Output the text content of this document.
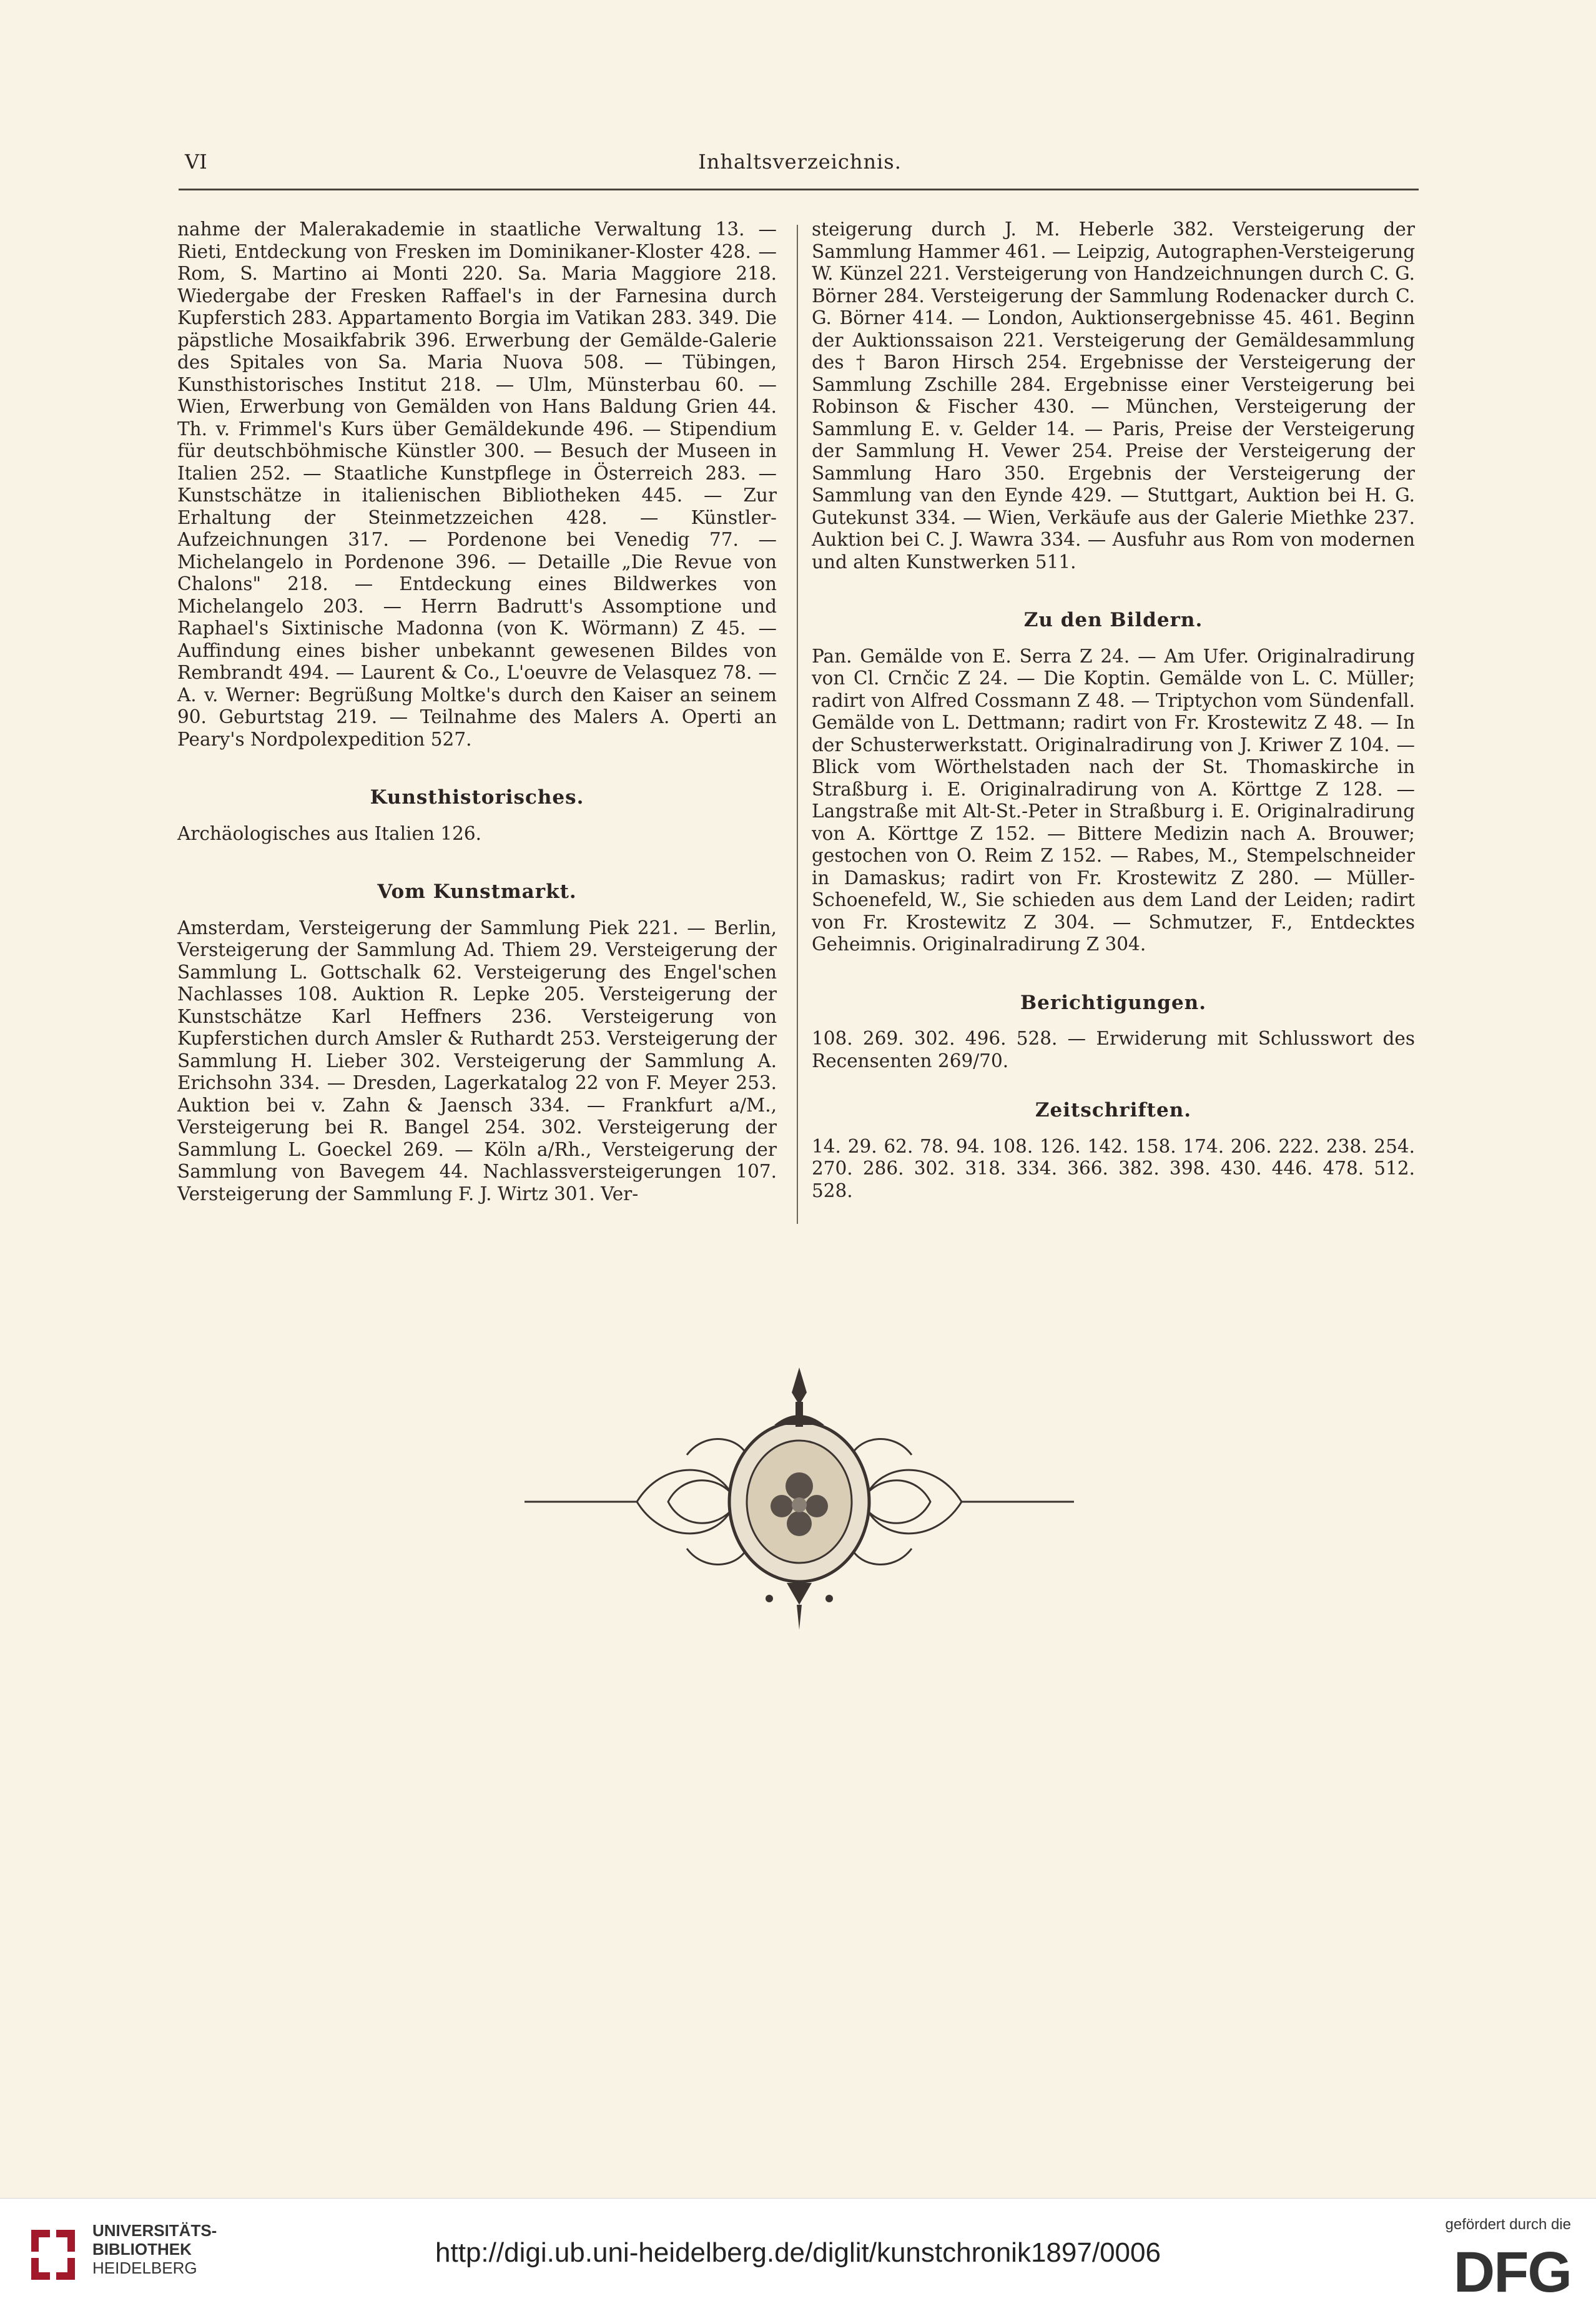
VI	Inhaltsverzeichnis.

nahme der Malerakademie in staatliche Verwaltung 13. — Rieti, Entdeckung von Fresken im Dominikaner-Kloster 428. — Rom, S. Martino ai Monti 220. Sa. Maria Maggiore 218. Wiedergabe der Fresken Raffael's in der Farnesina durch Kupferstich 283. Appartamento Borgia im Vatikan 283. 349. Die päpstliche Mosaikfabrik 396. Erwerbung der Gemälde-Galerie des Spitales von Sa. Maria Nuova 508. — Tübingen, Kunsthistorisches Institut 218. — Ulm, Münsterbau 60. — Wien, Erwerbung von Gemälden von Hans Baldung Grien 44. Th. v. Frimmel's Kurs über Gemäldekunde 496. — Stipendium für deutschböhmische Künstler 300. — Besuch der Museen in Italien 252. — Staatliche Kunstpflege in Österreich 283. — Kunstschätze in italienischen Bibliotheken 445. — Zur Erhaltung der Steinmetzzeichen 428. — Künstler-Aufzeichnungen 317. — Pordenone bei Venedig 77. — Michelangelo in Pordenone 396. — Detaille „Die Revue von Chalons" 218. — Entdeckung eines Bildwerkes von Michelangelo 203. — Herrn Badrutt's Assomptione und Raphael's Sixtinische Madonna (von K. Wörmann) Z 45. — Auffindung eines bisher unbekannt gewesenen Bildes von Rembrandt 494. — Laurent & Co., L'oeuvre de Velasquez 78. — A. v. Werner: Begrüßung Moltke's durch den Kaiser an seinem 90. Geburtstag 219. — Teilnahme des Malers A. Operti an Peary's Nordpolexpedition 527.

Kunsthistorisches.

Archäologisches aus Italien 126.

Vom Kunstmarkt.

Amsterdam, Versteigerung der Sammlung Piek 221. — Berlin, Versteigerung der Sammlung Ad. Thiem 29. Versteigerung der Sammlung L. Gottschalk 62. Versteigerung des Engel'schen Nachlasses 108. Auktion R. Lepke 205. Versteigerung der Kunstschätze Karl Heffners 236. Versteigerung von Kupferstichen durch Amsler & Ruthardt 253. Versteigerung der Sammlung H. Lieber 302. Versteigerung der Sammlung A. Erichsohn 334. — Dresden, Lagerkatalog 22 von F. Meyer 253. Auktion bei v. Zahn & Jaensch 334. — Frankfurt a/M., Versteigerung bei R. Bangel 254. 302. Versteigerung der Sammlung L. Goeckel 269. — Köln a/Rh., Versteigerung der Sammlung von Bavegem 44. Nachlassversteigerungen 107. Versteigerung der Sammlung F. J. Wirtz 301. Ver-

steigerung durch J. M. Heberle 382. Versteigerung der Sammlung Hammer 461. — Leipzig, Autographen-Versteigerung W. Künzel 221. Versteigerung von Handzeichnungen durch C. G. Börner 284. Versteigerung der Sammlung Rodenacker durch C. G. Börner 414. — London, Auktionsergebnisse 45. 461. Beginn der Auktionssaison 221. Versteigerung der Gemäldesammlung des † Baron Hirsch 254. Ergebnisse der Versteigerung der Sammlung Zschille 284. Ergebnisse einer Versteigerung bei Robinson & Fischer 430. — München, Versteigerung der Sammlung E. v. Gelder 14. — Paris, Preise der Versteigerung der Sammlung H. Vewer 254. Preise der Versteigerung der Sammlung Haro 350. Ergebnis der Versteigerung der Sammlung van den Eynde 429. — Stuttgart, Auktion bei H. G. Gutekunst 334. — Wien, Verkäufe aus der Galerie Miethke 237. Auktion bei C. J. Wawra 334. — Ausfuhr aus Rom von modernen und alten Kunstwerken 511.

Zu den Bildern.

Pan. Gemälde von E. Serra Z 24. — Am Ufer. Originalradirung von Cl. Crnčic Z 24. — Die Koptin. Gemälde von L. C. Müller; radirt von Alfred Cossmann Z 48. — Triptychon vom Sündenfall. Gemälde von L. Dettmann; radirt von Fr. Krostewitz Z 48. — In der Schusterwerkstatt. Originalradirung von J. Kriwer Z 104. — Blick vom Wörthelstaden nach der St. Thomaskirche in Straßburg i. E. Originalradirung von A. Körttge Z 128. — Langstraße mit Alt-St.-Peter in Straßburg i. E. Originalradirung von A. Körttge Z 152. — Bittere Medizin nach A. Brouwer; gestochen von O. Reim Z 152. — Rabes, M., Stempelschneider in Damaskus; radirt von Fr. Krostewitz Z 280. — Müller-Schoenefeld, W., Sie schieden aus dem Land der Leiden; radirt von Fr. Krostewitz Z 304. — Schmutzer, F., Entdecktes Geheimnis. Originalradirung Z 304.

Berichtigungen.

108. 269. 302. 496. 528. — Erwiderung mit Schlusswort des Recensenten 269/70.

Zeitschriften.

14. 29. 62. 78. 94. 108. 126. 142. 158. 174. 206. 222. 238. 254. 270. 286. 302. 318. 334. 366. 382. 398. 430. 446. 478. 512. 528.

UNIVERSITÄTS-
BIBLIOTHEK
HEIDELBERG	http://digi.ub.uni-heidelberg.de/diglit/kunstchronik1897/0006
gefördert durch die
DFG
